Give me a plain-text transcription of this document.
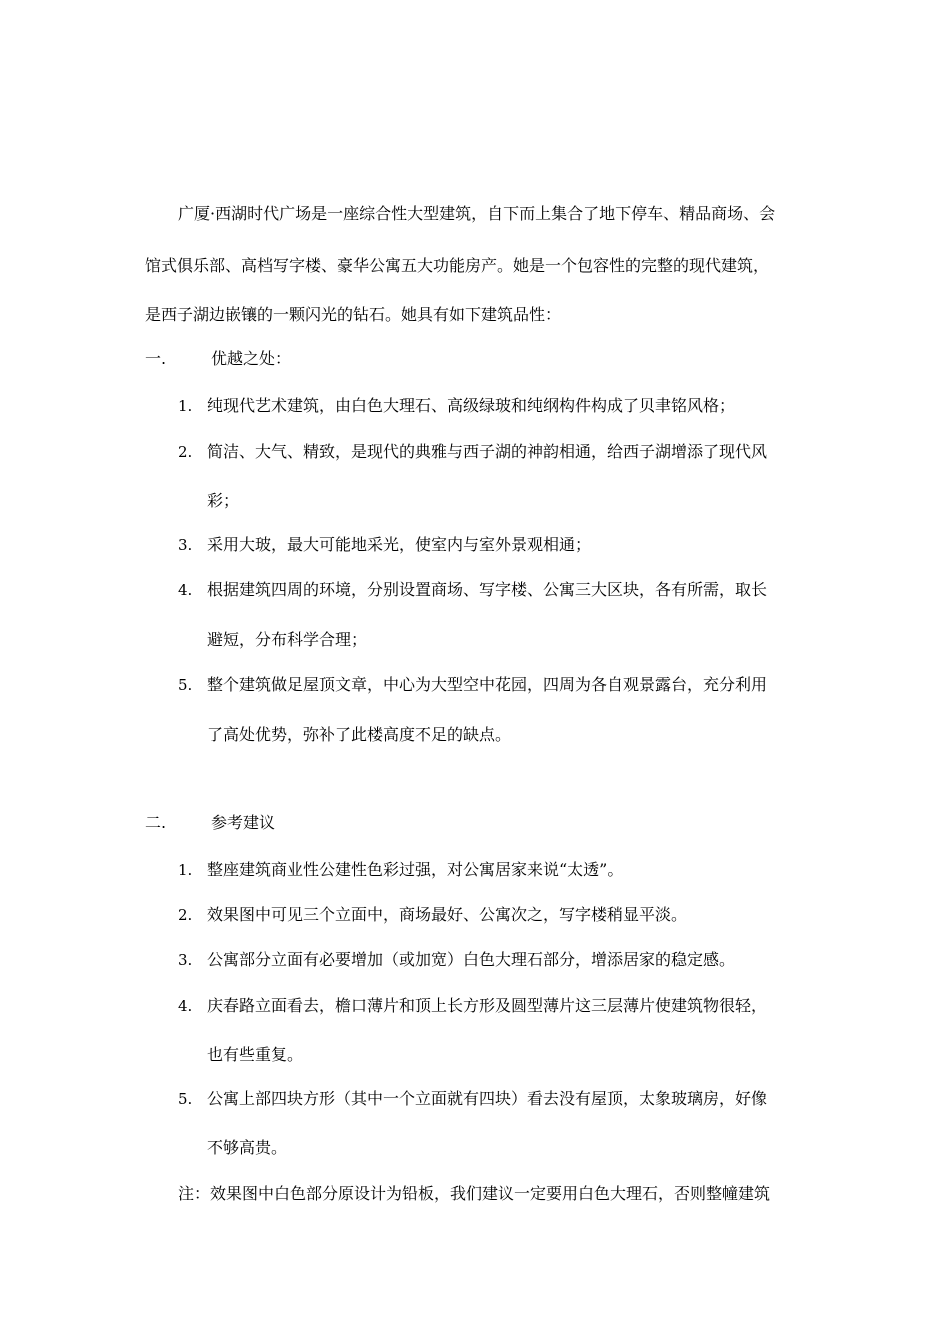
广厦·西湖时代广场是一座综合性大型建筑，自下而上集合了地下停车、精品商场、会
馆式俱乐部、高档写字楼、豪华公寓五大功能房产。她是一个包容性的完整的现代建筑，
是西子湖边嵌镶的一颗闪光的钻石。她具有如下建筑品性：
一.	优越之处：
1. 纯现代艺术建筑，由白色大理石、高级绿玻和纯纲构件构成了贝聿铭风格；
2. 简洁、大气、精致，是现代的典雅与西子湖的神韵相通，给西子湖增添了现代风
彩；
3. 采用大玻，最大可能地采光，使室内与室外景观相通；
4. 根据建筑四周的环境，分别设置商场、写字楼、公寓三大区块，各有所需，取长
避短，分布科学合理；
5. 整个建筑做足屋顶文章，中心为大型空中花园，四周为各自观景露台，充分利用
了高处优势，弥补了此楼高度不足的缺点。
二.	参考建议
1. 整座建筑商业性公建性色彩过强，对公寓居家来说“太透”。
2. 效果图中可见三个立面中，商场最好、公寓次之，写字楼稍显平淡。
3. 公寓部分立面有必要增加（或加宽）白色大理石部分，增添居家的稳定感。
4. 庆春路立面看去，檐口薄片和顶上长方形及圆型薄片这三层薄片使建筑物很轻，
也有些重复。
5. 公寓上部四块方形（其中一个立面就有四块）看去没有屋顶，太象玻璃房，好像
不够高贵。
注：效果图中白色部分原设计为铅板，我们建议一定要用白色大理石，否则整幢建筑
